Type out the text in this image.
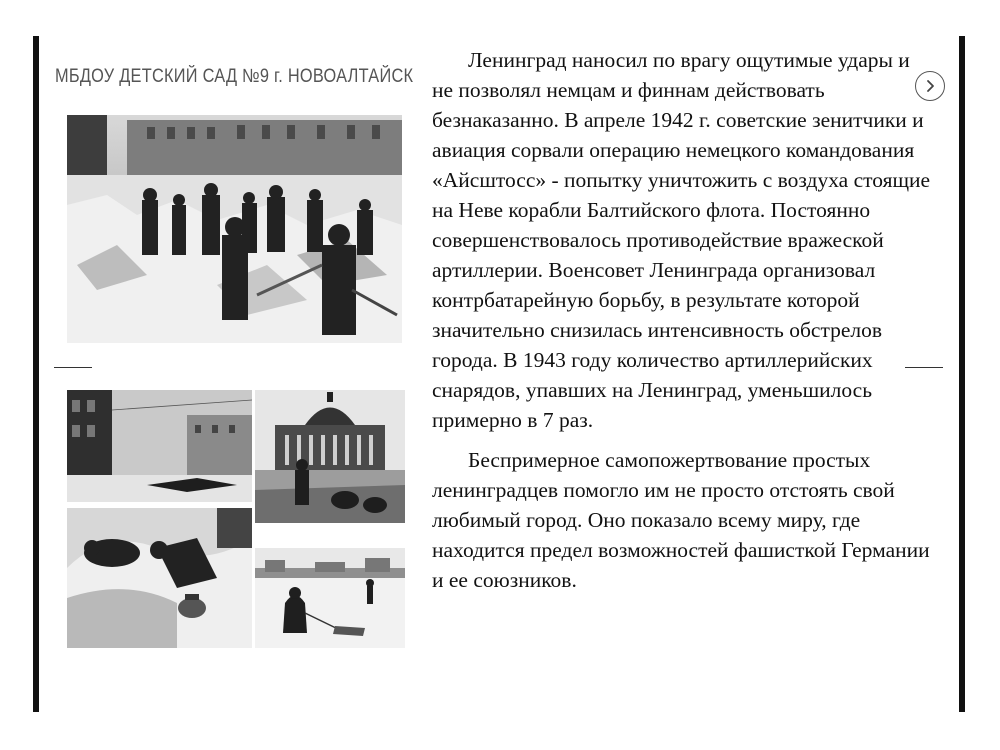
МБДОУ ДЕТСКИЙ САД №9 г. НОВОАЛТАЙСК

Ленинград наносил по врагу ощутимые удары и не позволял немцам и финнам действовать безнаказанно. В апреле 1942 г. советские зенитчики и авиация сорвали операцию немецкого командования «Айсштосс» - попытку уничтожить с воздуха стоящие на Неве корабли Балтийского флота. Постоянно совершенствовалось противодействие вражеской артиллерии. Военсовет Ленинграда организовал контрбатарейную борьбу, в результате которой значительно снизилась интенсивность обстрелов города. В 1943 году количество артиллерийских снарядов, упавших на Ленинград, уменьшилось примерно в 7 раз.

Беспримерное самопожертвование простых ленинградцев помогло им не просто отстоять свой любимый город. Оно показало всему миру, где находится предел возможностей фашисткой Германии и ее союзников.
